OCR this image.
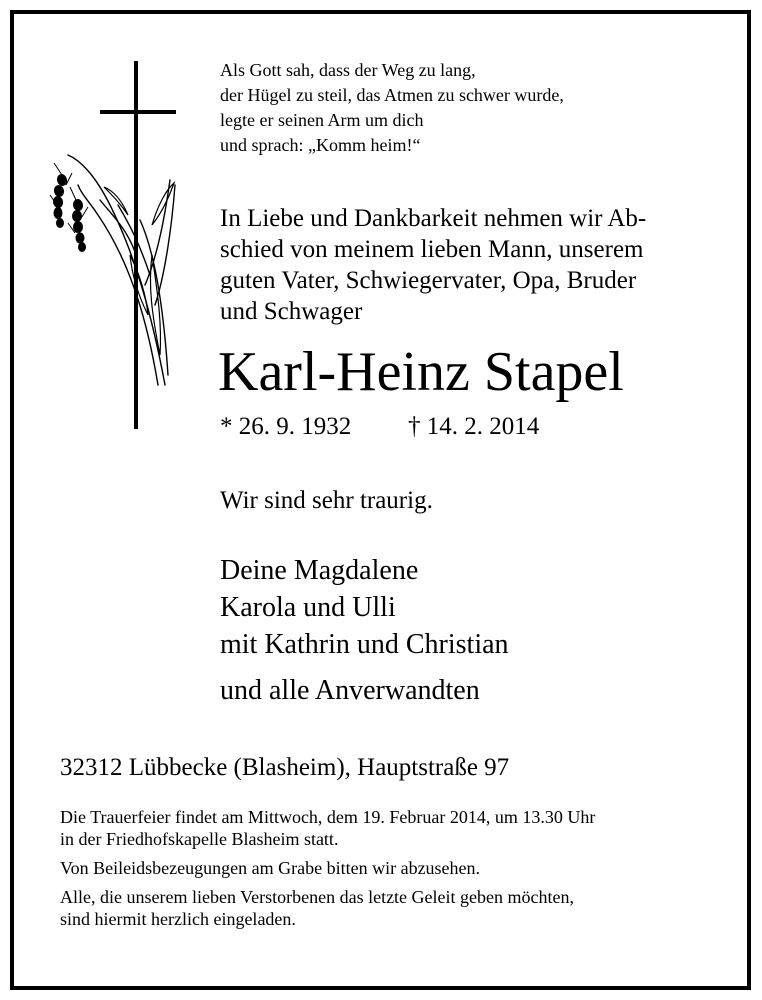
Als Gott sah, dass der Weg zu lang,
der Hügel zu steil, das Atmen zu schwer wurde,
legte er seinen Arm um dich
und sprach: „Komm heim!“
In Liebe und Dankbarkeit nehmen wir Ab-
schied von meinem lieben Mann, unserem
guten Vater, Schwiegervater, Opa, Bruder
und Schwager
Karl-Heinz Stapel
* 26. 9. 1932 † 14. 2. 2014
Wir sind sehr traurig.
Deine Magdalene
Karola und Ulli
mit Kathrin und Christian
und alle Anverwandten
32312 Lübbecke (Blasheim), Hauptstraße 97
Die Trauerfeier findet am Mittwoch, dem 19. Februar 2014, um 13.30 Uhr
in der Friedhofskapelle Blasheim statt.
Von Beileidsbezeugungen am Grabe bitten wir abzusehen.
Alle, die unserem lieben Verstorbenen das letzte Geleit geben möchten,
sind hiermit herzlich eingeladen.
